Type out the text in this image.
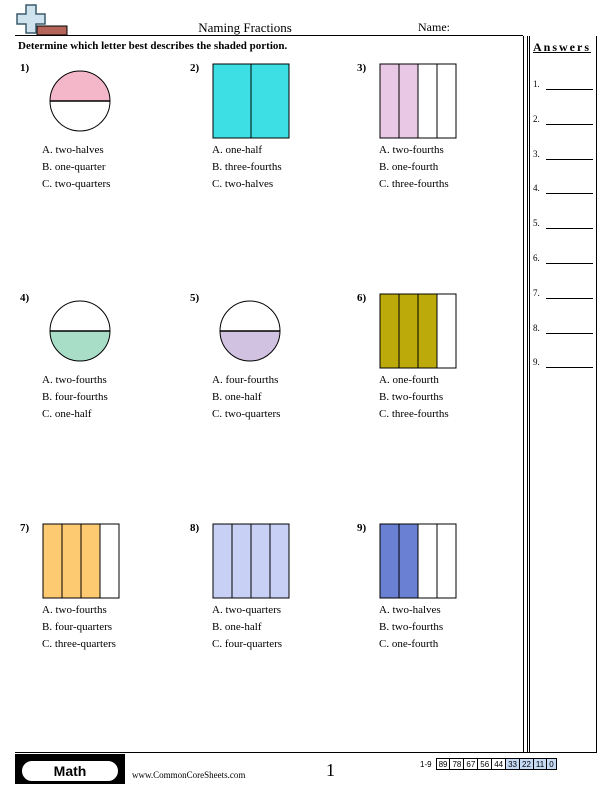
Naming Fractions	Name:
Determine which letter best describes the shaded portion.	Answers
1.
2.
3.
4.
5.
6.
7.
8.
9.
1)
A. two-halves
B. one-quarter
C. two-quarters
2)
A. one-half
B. three-fourths
C. two-halves
3)
A. two-fourths
B. one-fourth
C. three-fourths
4)
A. two-fourths
B. four-fourths
C. one-half
5)
A. four-fourths
B. one-half
C. two-quarters
6)
A. one-fourth
B. two-fourths
C. three-fourths
7)
A. two-fourths
B. four-quarters
C. three-quarters
8)
A. two-quarters
B. one-half
C. four-quarters
9)
A. two-halves
B. two-fourths
C. one-fourth
Math	www.CommonCoreSheets.com	1	1-9	89	78	67	56	44	33	22	11	0
